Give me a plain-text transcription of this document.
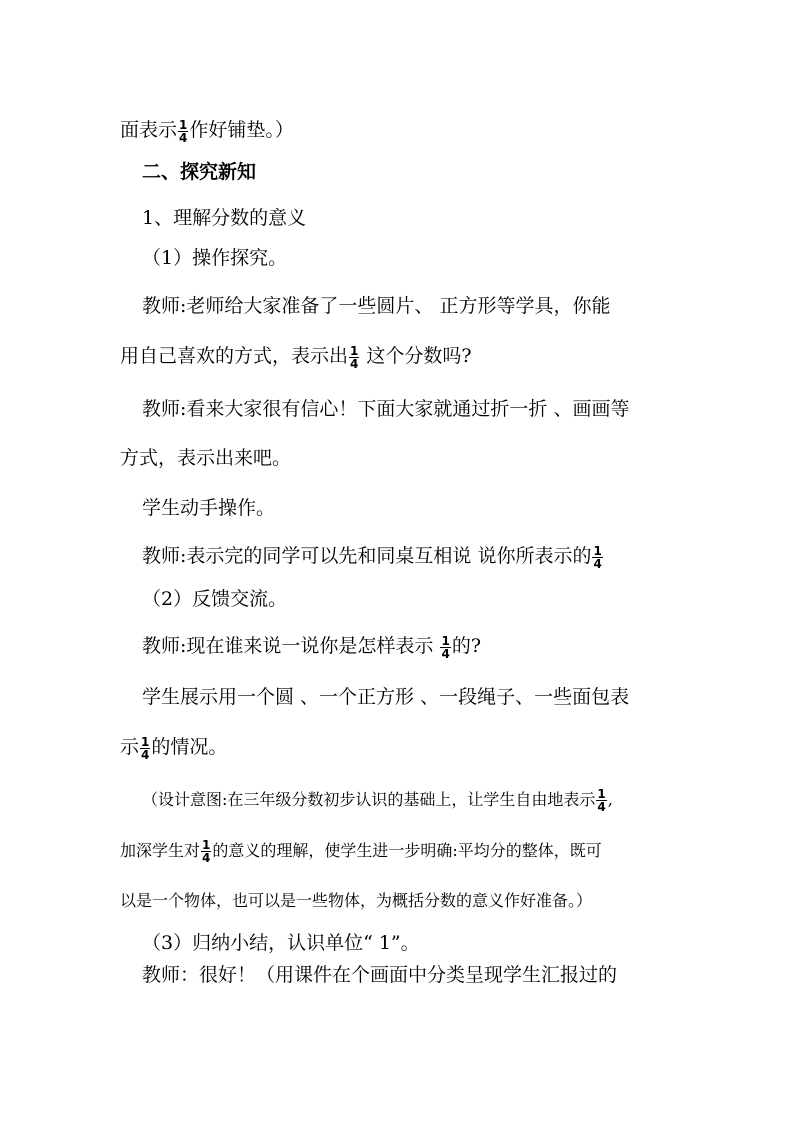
面表示 $\frac{1}{4}$ 作好铺垫。）
二、探究新知
1、理解分数的意义
（1）操作探究。
教师:老师给大家准备了一些圆片、 正方形等学具，你能
用自己喜欢的方式，表示出 $\frac{1}{4}$ 这个分数吗?
教师:看来大家很有信心！下面大家就通过折一折 、画画等
方式，表示出来吧。
学生动手操作。
教师:表示完的同学可以先和同桌互相说 说你所表示的 $\frac{1}{4}$
（2）反馈交流。
教师:现在谁来说一说你是怎样表示 $\frac{1}{4}$ 的?
学生展示用一个圆 、一个正方形 、一段绳子、一些面包表
示 $\frac{1}{4}$ 的情况。
（设计意图:在三年级分数初步认识的基础上，让学生自由地表示 $\frac{1}{4}$ ,
加深学生对 $\frac{1}{4}$ 的意义的理解，使学生进一步明确:平均分的整体，既可
以是一个物体，也可以是一些物体，为概括分数的意义作好准备。）
（3）归纳小结，认识单位“ 1”。
教师：很好！（用课件在个画面中分类呈现学生汇报过的
